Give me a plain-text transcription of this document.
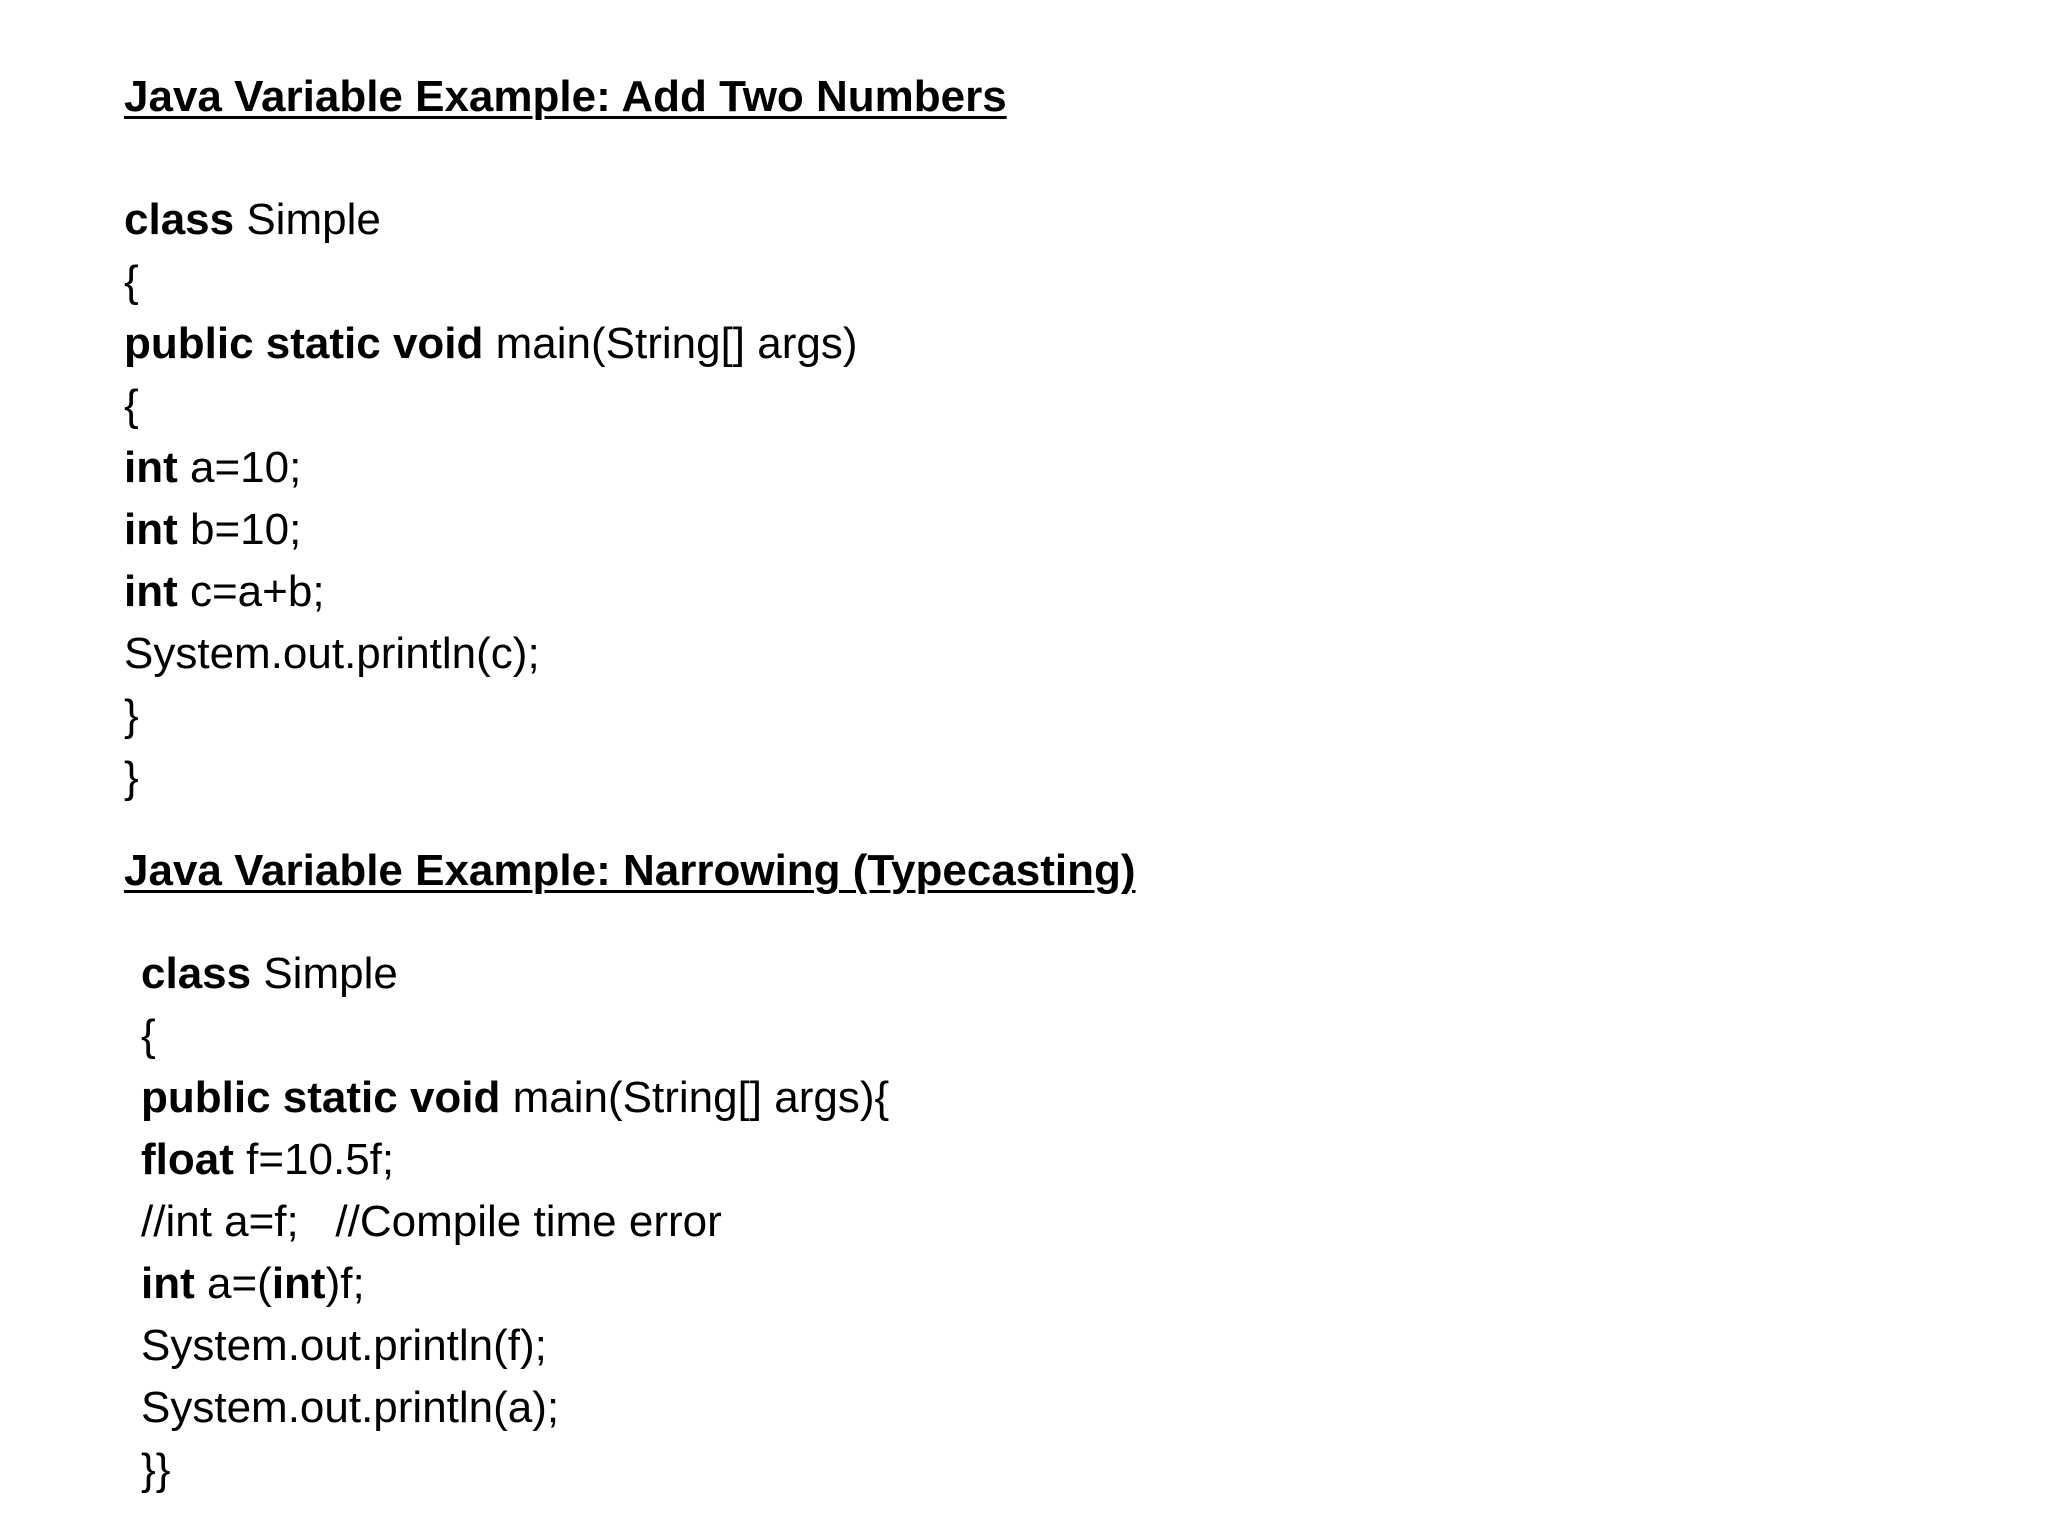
Java Variable Example: Add Two Numbers
class Simple
{
public static void main(String[] args)
{
int a=10;
int b=10;
int c=a+b;
System.out.println(c);
}
}
Java Variable Example: Narrowing (Typecasting)
class Simple
{
public static void main(String[] args){
float f=10.5f;
//int a=f;   //Compile time error
int a=(int)f;
System.out.println(f);
System.out.println(a);
}}
